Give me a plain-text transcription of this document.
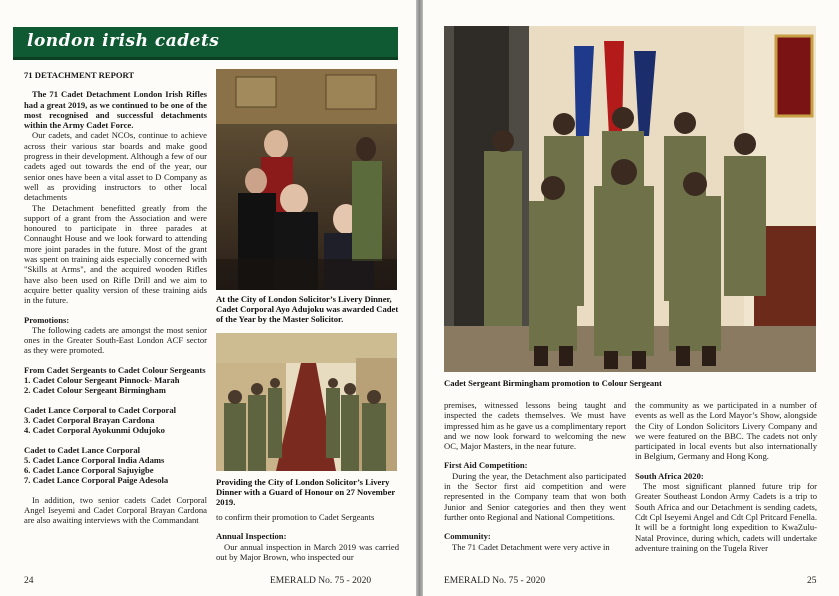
london irish cadets

71 DETACHMENT REPORT

The 71 Cadet Detachment London Irish Rifles had a great 2019, as we continued to be one of the most recognised and successful detachments within the Army Cadet Force.

Our cadets, and cadet NCOs, continue to achieve across their various star boards and make good progress in their development. Although a few of our cadets aged out towards the end of the year, our senior ones have been a vital asset to D Company as well as providing instructors to other local detachments

The Detachment benefitted greatly from the support of a grant from the Association and were honoured to participate in three parades at Connaught House and we look forward to attending more joint parades in the future. Most of the grant was spent on training aids especially concerned with "Skills at Arms", and the acquired wooden Rifles have also been used on Rifle Drill and we aim to acquire better quality version of these training aids in the future.

Promotions:

The following cadets are amongst the most senior ones in the Greater South-East London ACF sector as they were promoted.

From Cadet Sergeants to Cadet Colour Sergeants

1. Cadet Colour Sergeant Pinnock- Marah

2. Cadet Colour Sergeant Birmingham

Cadet Lance Corporal to Cadet Corporal

3. Cadet Corporal Brayan Cardona

4. Cadet Corporal Ayokunmi Odujoko

Cadet to Cadet Lance Corporal

5. Cadet Lance Corporal India Adams

6. Cadet Lance Corporal Sajuyigbe

7. Cadet Lance Corporal Paige Adesola

In addition, two senior cadets Cadet Corporal Angel Iseyemi and Cadet Corporal Brayan Cardona are also awaiting interviews with the Commandant

At the City of London Solicitor’s Livery Dinner, Cadet Corporal Ayo Adujoku was awarded Cadet of the Year by the Master Solicitor.
Providing the City of London Solicitor’s Livery Dinner with a Guard of Honour on 27 November 2019.

to confirm their promotion to Cadet Sergeants

Annual Inspection:

Our annual inspection in March 2019 was carried out by Major Brown, who inspected our

24	EMERALD No. 75 - 2020
Cadet Sergeant Birmingham promotion to Colour Sergeant

premises, witnessed lessons being taught and inspected the cadets themselves. We must have impressed him as he gave us a complimentary report and we now look forward to welcoming the new OC, Major Masters, in the near future.

First Aid Competition:

During the year, the Detachment also participated in the Sector first aid competition and were represented in the Company team that won both Junior and Senior categories and then they went further onto Regional and National Competitions.

Community:

The 71 Cadet Detachment were very active in

the community as we participated in a number of events as well as the Lord Mayor’s Show, alongside the City of London Solicitors Livery Company and we were featured on the BBC. The cadets not only participated in local events but also internationally in Belgium, Germany and Hong Kong.

South Africa 2020:

The most significant planned future trip for Greater Southeast London Army Cadets is a trip to South Africa and our Detachment is sending cadets, Cdt Cpl Iseyemi Angel and Cdt Cpl Pritcard Fenella. It will be a fortnight long expedition to KwaZulu-Natal Province, during which, cadets will undertake adventure training on the Tugela River

EMERALD No. 75 - 2020	25
